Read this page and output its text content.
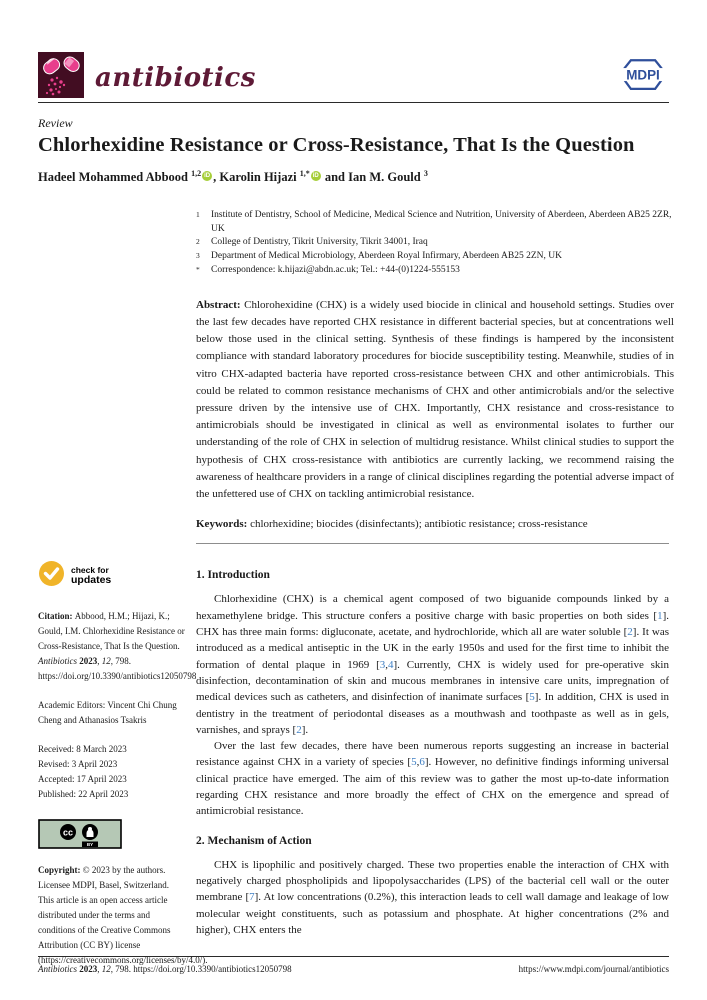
antibiotics	MDPI
Review
Chlorhexidine Resistance or Cross-Resistance, That Is the Question
Hadeel Mohammed Abbood $^{1,2}$ iD , Karolin Hijazi $^{1,*}$ iD and Ian M. Gould $^3$
1	Institute of Dentistry, School of Medicine, Medical Science and Nutrition, University of Aberdeen, Aberdeen AB25 2ZR, UK
2	College of Dentistry, Tikrit University, Tikrit 34001, Iraq
3	Department of Medical Microbiology, Aberdeen Royal Infirmary, Aberdeen AB25 2ZN, UK
*	Correspondence: k.hijazi@abdn.ac.uk; Tel.: +44-(0)1224-555153
Abstract: Chlorohexidine (CHX) is a widely used biocide in clinical and household settings. Studies over the last few decades have reported CHX resistance in different bacterial species, but at concentrations well below those used in the clinical setting. Synthesis of these findings is hampered by the inconsistent compliance with standard laboratory procedures for biocide susceptibility testing. Meanwhile, studies of in vitro CHX-adapted bacteria have reported cross-resistance between CHX and other antimicrobials. This could be related to common resistance mechanisms of CHX and other antimicrobials and/or the selective pressure driven by the intensive use of CHX. Importantly, CHX resistance and cross-resistance to antimicrobials should be investigated in clinical as well as environmental isolates to further our understanding of the role of CHX in selection of multidrug resistance. Whilst clinical studies to support the hypothesis of CHX cross-resistance with antibiotics are currently lacking, we recommend raising the awareness of healthcare providers in a range of clinical disciplines regarding the potential adverse impact of the unfettered use of CHX on tackling antimicrobial resistance.
Keywords: chlorhexidine; biocides (disinfectants); antibiotic resistance; cross-resistance
check for
updates
Citation: Abbood, H.M.; Hijazi, K.; Gould, I.M. Chlorhexidine Resistance or Cross-Resistance, That Is the Question. Antibiotics 2023, 12, 798. https://doi.org/10.3390/antibiotics12050798
Academic Editors: Vincent Chi Chung Cheng and Athanasios Tsakris
Received: 8 March 2023
Revised: 3 April 2023
Accepted: 17 April 2023
Published: 22 April 2023
cc
BY
Copyright: © 2023 by the authors. Licensee MDPI, Basel, Switzerland. This article is an open access article distributed under the terms and conditions of the Creative Commons Attribution (CC BY) license (https://creativecommons.org/licenses/by/4.0/).
1. Introduction

Chlorhexidine (CHX) is a chemical agent composed of two biguanide compounds linked by a hexamethylene bridge. This structure confers a positive charge with basic properties on both sides [1]. CHX has three main forms: digluconate, acetate, and hydrochloride, which all are water soluble [2]. It was introduced as a medical antiseptic in the UK in the early 1950s and used for the first time to inhibit the formation of dental plaque in 1969 [3,4]. Currently, CHX is widely used for pre-operative skin disinfection, decontamination of skin and mucous membranes in intensive care units, impregnation of medical devices such as catheters, and disinfection of inanimate surfaces [5]. In addition, CHX is used in dentistry in the treatment of periodontal diseases as a mouthwash and toothpaste as well as in gels, varnishes, and sprays [2].

Over the last few decades, there have been numerous reports suggesting an increase in bacterial resistance against CHX in a variety of species [5,6]. However, no definitive findings informing universal clinical practice have emerged. The aim of this review was to gather the most up-to-date information regarding CHX resistance and more broadly the effect of CHX on the emergence and spread of antimicrobial resistance.

2. Mechanism of Action

CHX is lipophilic and positively charged. These two properties enable the interaction of CHX with negatively charged phospholipids and lipopolysaccharides (LPS) of the bacterial cell wall or the outer membrane [7]. At low concentrations (0.2%), this interaction leads to cell wall damage and leakage of low molecular weight constituents, such as potassium and phosphate. At higher concentrations (2% and higher), CHX enters the

Antibiotics 2023, 12, 798. https://doi.org/10.3390/antibiotics12050798	https://www.mdpi.com/journal/antibiotics
